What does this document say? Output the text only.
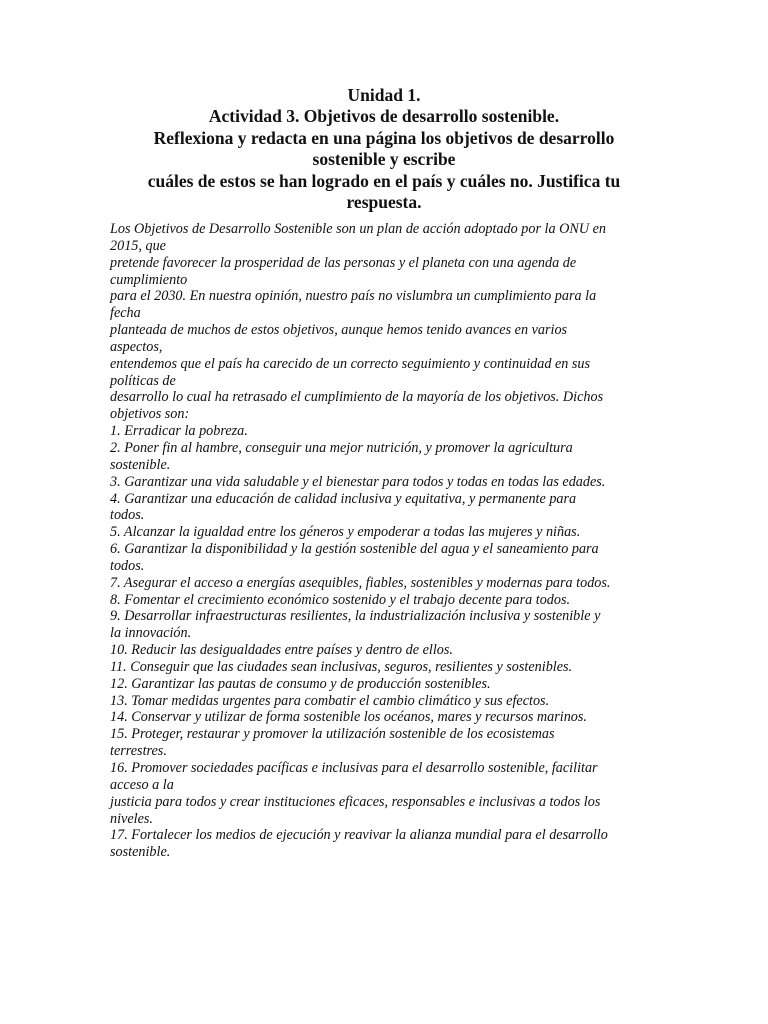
Unidad 1.
Actividad 3. Objetivos de desarrollo sostenible.
Reflexiona y redacta en una página los objetivos de desarrollo
sostenible y escribe
cuáles de estos se han logrado en el país y cuáles no. Justifica tu
respuesta.
Los Objetivos de Desarrollo Sostenible son un plan de acción adoptado por la ONU en
2015, que
pretende favorecer la prosperidad de las personas y el planeta con una agenda de
cumplimiento
para el 2030. En nuestra opinión, nuestro país no vislumbra un cumplimiento para la
fecha
planteada de muchos de estos objetivos, aunque hemos tenido avances en varios
aspectos,
entendemos que el país ha carecido de un correcto seguimiento y continuidad en sus
políticas de
desarrollo lo cual ha retrasado el cumplimiento de la mayoría de los objetivos. Dichos
objetivos son:
1. Erradicar la pobreza.
2. Poner fin al hambre, conseguir una mejor nutrición, y promover la agricultura
sostenible.
3. Garantizar una vida saludable y el bienestar para todos y todas en todas las edades.
4. Garantizar una educación de calidad inclusiva y equitativa, y permanente para
todos.
5. Alcanzar la igualdad entre los géneros y empoderar a todas las mujeres y niñas.
6. Garantizar la disponibilidad y la gestión sostenible del agua y el saneamiento para
todos.
7. Asegurar el acceso a energías asequibles, fiables, sostenibles y modernas para todos.
8. Fomentar el crecimiento económico sostenido y el trabajo decente para todos.
9. Desarrollar infraestructuras resilientes, la industrialización inclusiva y sostenible y
la innovación.
10. Reducir las desigualdades entre países y dentro de ellos.
11. Conseguir que las ciudades sean inclusivas, seguros, resilientes y sostenibles.
12. Garantizar las pautas de consumo y de producción sostenibles.
13. Tomar medidas urgentes para combatir el cambio climático y sus efectos.
14. Conservar y utilizar de forma sostenible los océanos, mares y recursos marinos.
15. Proteger, restaurar y promover la utilización sostenible de los ecosistemas
terrestres.
16. Promover sociedades pacíficas e inclusivas para el desarrollo sostenible, facilitar
acceso a la
justicia para todos y crear instituciones eficaces, responsables e inclusivas a todos los
niveles.
17. Fortalecer los medios de ejecución y reavivar la alianza mundial para el desarrollo
sostenible.
